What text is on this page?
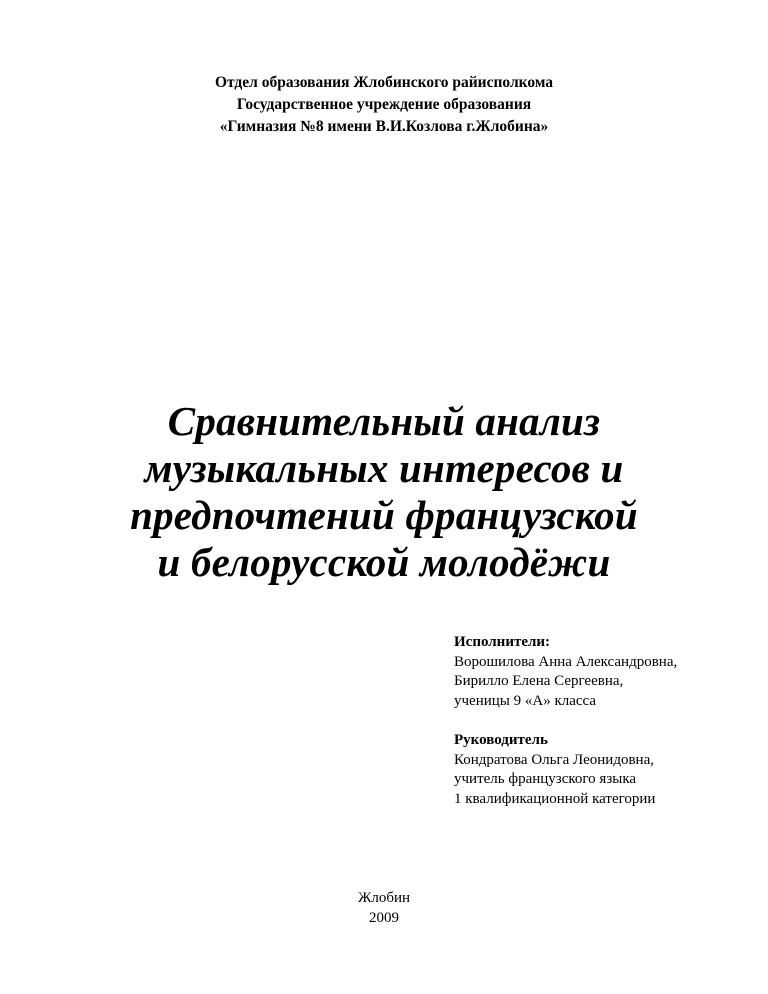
Отдел образования Жлобинского райисполкома
Государственное учреждение образования
«Гимназия №8 имени В.И.Козлова г.Жлобина»
Сравнительный анализ
музыкальных интересов и
предпочтений французской
и белорусской молодёжи
Исполнители:
Ворошилова Анна Александровна,
Бирилло Елена Сергеевна,
ученицы 9 «А» класса
Руководитель
Кондратова Ольга Леонидовна,
учитель французского языка
1 квалификационной категории
Жлобин
2009
